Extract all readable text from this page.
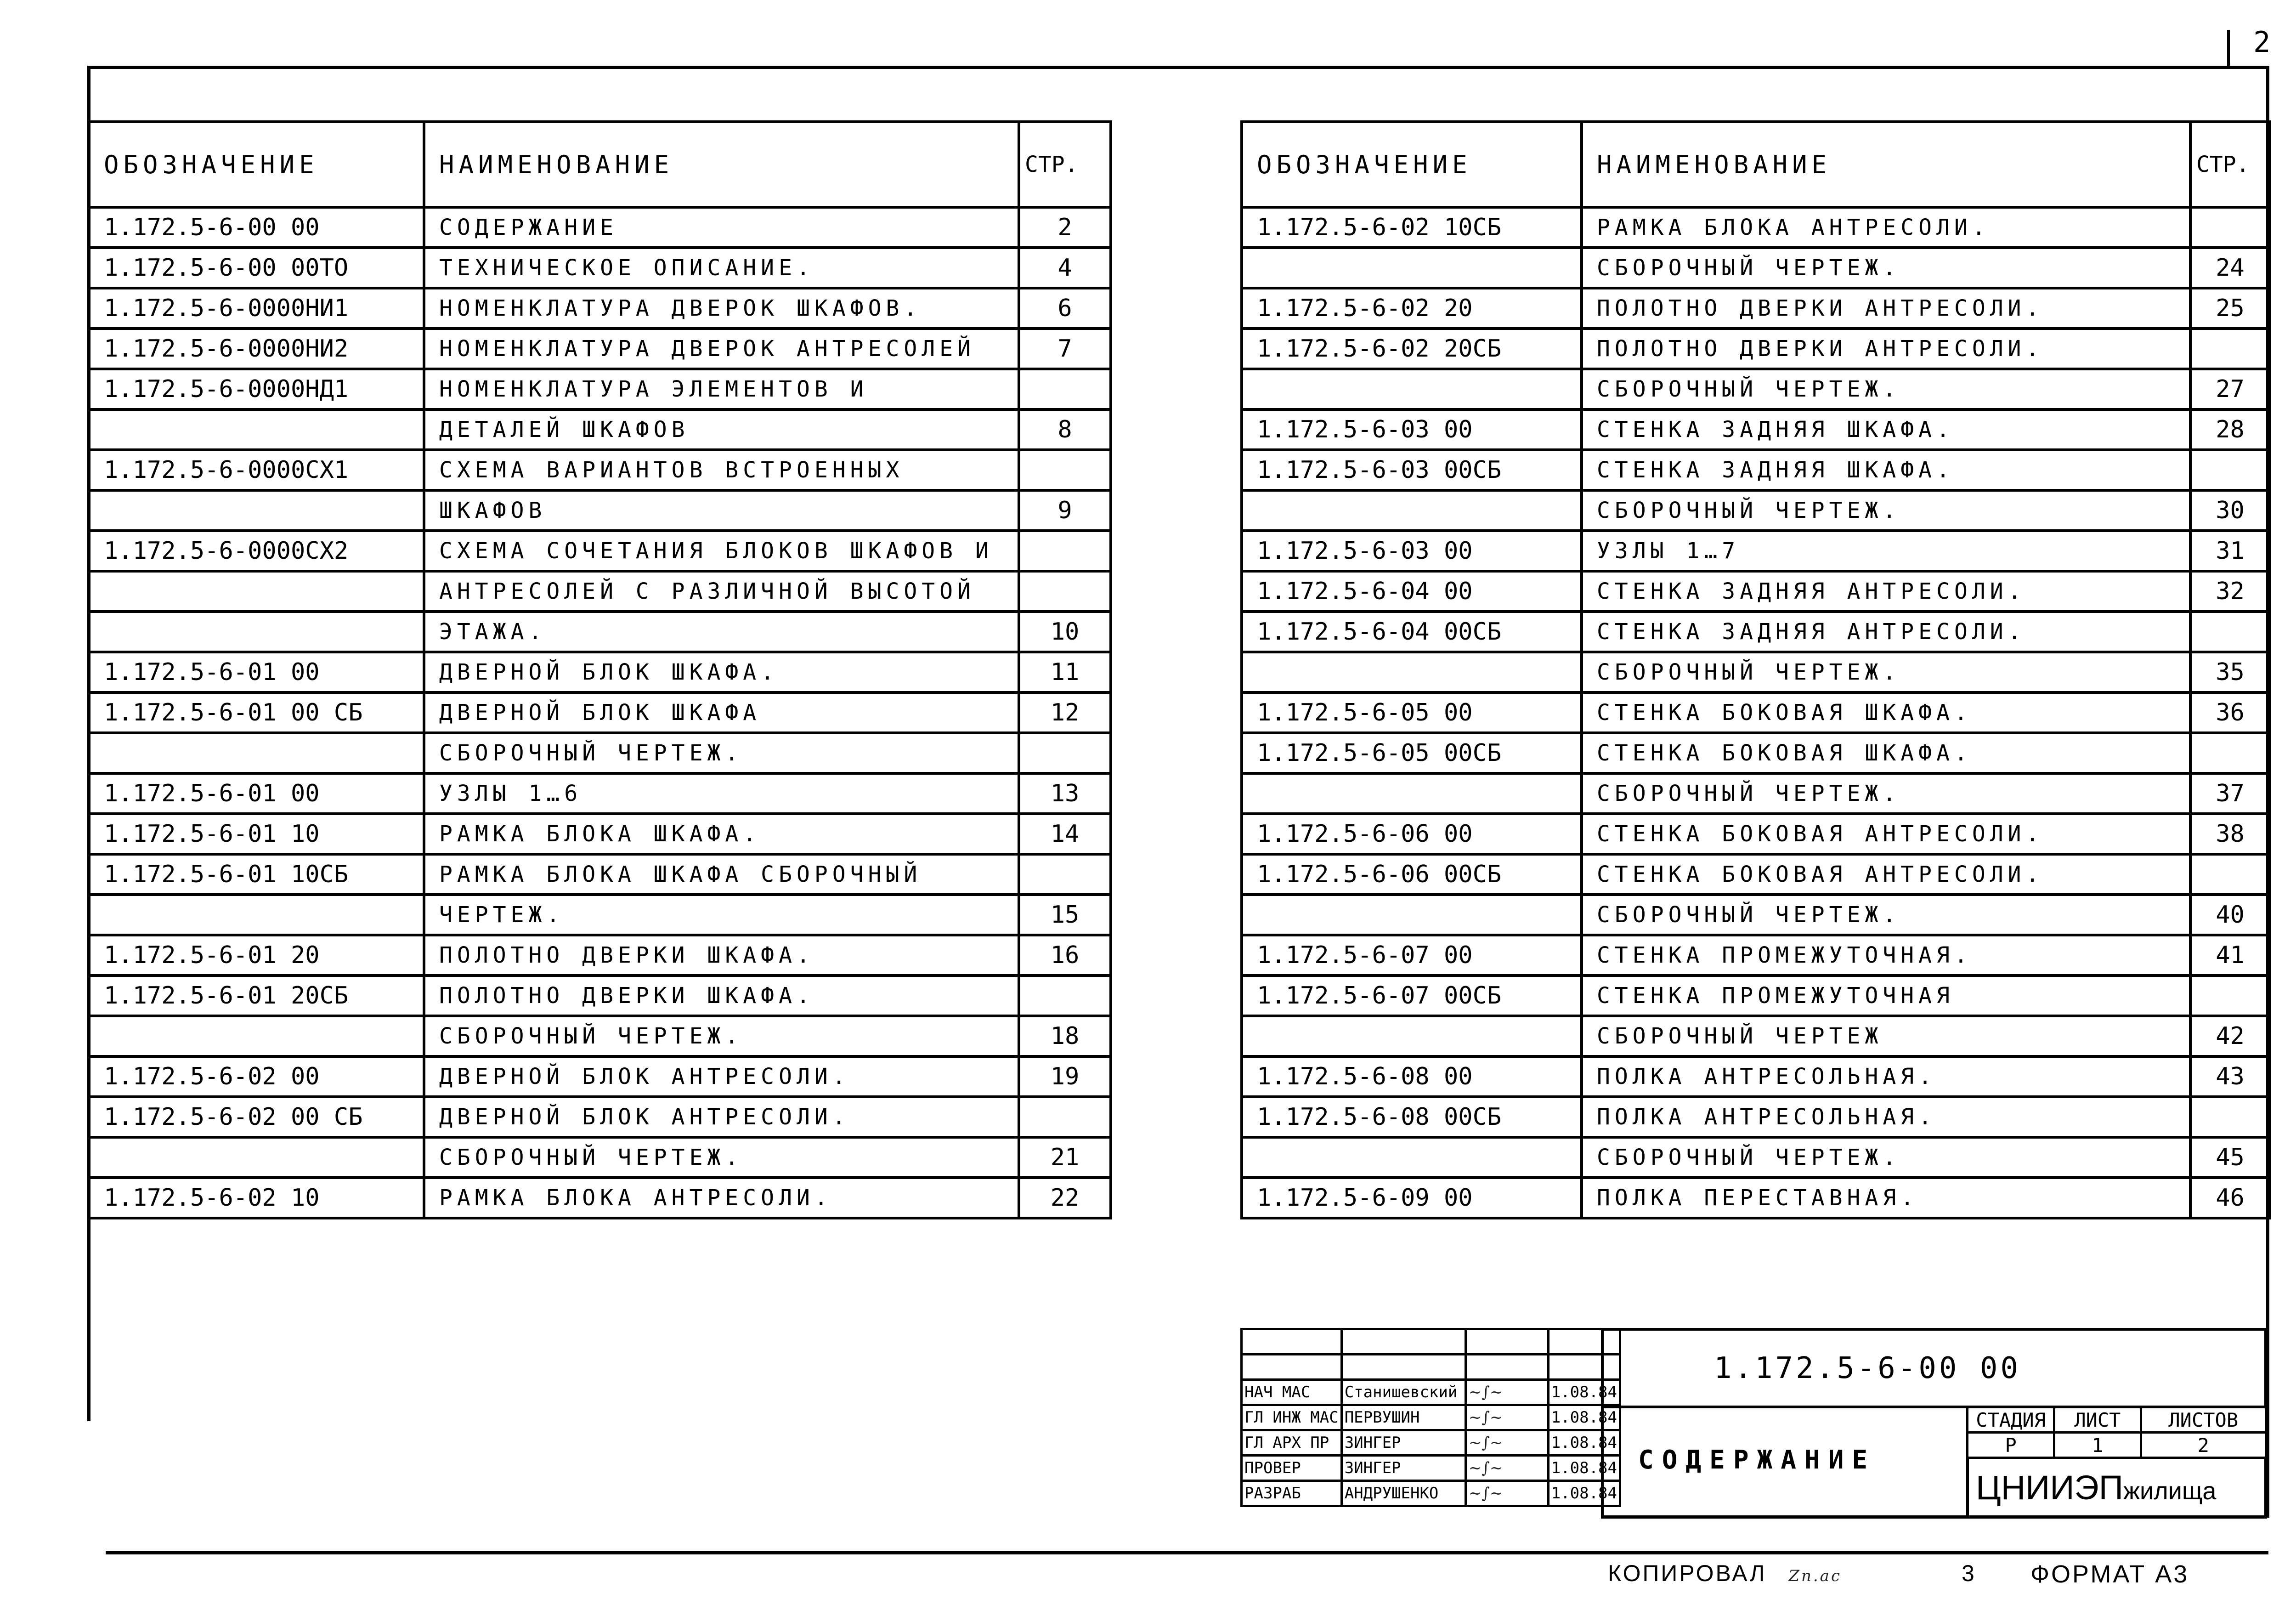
2
ОБОЗНАЧЕНИЕ	НАИМЕНОВАНИЕ	СТР.
1.172.5-6-00 00	СОДЕРЖАНИЕ	2
1.172.5-6-00 00ТО	ТЕХНИЧЕСКОЕ ОПИСАНИЕ.	4
1.172.5-6-0000НИ1	НОМЕНКЛАТУРА ДВЕРОК ШКАФОВ.	6
1.172.5-6-0000НИ2	НОМЕНКЛАТУРА ДВЕРОК АНТРЕСОЛЕЙ	7
1.172.5-6-0000НД1	НОМЕНКЛАТУРА ЭЛЕМЕНТОВ И	
	ДЕТАЛЕЙ ШКАФОВ	8
1.172.5-6-0000СХ1	СХЕМА ВАРИАНТОВ ВСТРОЕННЫХ	
	ШКАФОВ	9
1.172.5-6-0000СХ2	СХЕМА СОЧЕТАНИЯ БЛОКОВ ШКАФОВ И	
	АНТРЕСОЛЕЙ С РАЗЛИЧНОЙ ВЫСОТОЙ	
	ЭТАЖА.	10
1.172.5-6-01 00	ДВЕРНОЙ БЛОК ШКАФА.	11
1.172.5-6-01 00 СБ	ДВЕРНОЙ БЛОК ШКАФА	12
	СБОРОЧНЫЙ ЧЕРТЕЖ.	
1.172.5-6-01 00	УЗЛЫ 1…6	13
1.172.5-6-01 10	РАМКА БЛОКА ШКАФА.	14
1.172.5-6-01 10СБ	РАМКА БЛОКА ШКАФА СБОРОЧНЫЙ	
	ЧЕРТЕЖ.	15
1.172.5-6-01 20	ПОЛОТНО ДВЕРКИ ШКАФА.	16
1.172.5-6-01 20СБ	ПОЛОТНО ДВЕРКИ ШКАФА.	
	СБОРОЧНЫЙ ЧЕРТЕЖ.	18
1.172.5-6-02 00	ДВЕРНОЙ БЛОК АНТРЕСОЛИ.	19
1.172.5-6-02 00 СБ	ДВЕРНОЙ БЛОК АНТРЕСОЛИ.	
	СБОРОЧНЫЙ ЧЕРТЕЖ.	21
1.172.5-6-02 10	РАМКА БЛОКА АНТРЕСОЛИ.	22
ОБОЗНАЧЕНИЕ	НАИМЕНОВАНИЕ	СТР.
1.172.5-6-02 10СБ	РАМКА БЛОКА АНТРЕСОЛИ.	
	СБОРОЧНЫЙ ЧЕРТЕЖ.	24
1.172.5-6-02 20	ПОЛОТНО ДВЕРКИ АНТРЕСОЛИ.	25
1.172.5-6-02 20СБ	ПОЛОТНО ДВЕРКИ АНТРЕСОЛИ.	
	СБОРОЧНЫЙ ЧЕРТЕЖ.	27
1.172.5-6-03 00	СТЕНКА ЗАДНЯЯ ШКАФА.	28
1.172.5-6-03 00СБ	СТЕНКА ЗАДНЯЯ ШКАФА.	
	СБОРОЧНЫЙ ЧЕРТЕЖ.	30
1.172.5-6-03 00	УЗЛЫ 1…7	31
1.172.5-6-04 00	СТЕНКА ЗАДНЯЯ АНТРЕСОЛИ.	32
1.172.5-6-04 00СБ	СТЕНКА ЗАДНЯЯ АНТРЕСОЛИ.	
	СБОРОЧНЫЙ ЧЕРТЕЖ.	35
1.172.5-6-05 00	СТЕНКА БОКОВАЯ ШКАФА.	36
1.172.5-6-05 00СБ	СТЕНКА БОКОВАЯ ШКАФА.	
	СБОРОЧНЫЙ ЧЕРТЕЖ.	37
1.172.5-6-06 00	СТЕНКА БОКОВАЯ АНТРЕСОЛИ.	38
1.172.5-6-06 00СБ	СТЕНКА БОКОВАЯ АНТРЕСОЛИ.	
	СБОРОЧНЫЙ ЧЕРТЕЖ.	40
1.172.5-6-07 00	СТЕНКА ПРОМЕЖУТОЧНАЯ.	41
1.172.5-6-07 00СБ	СТЕНКА ПРОМЕЖУТОЧНАЯ	
	СБОРОЧНЫЙ ЧЕРТЕЖ	42
1.172.5-6-08 00	ПОЛКА АНТРЕСОЛЬНАЯ.	43
1.172.5-6-08 00СБ	ПОЛКА АНТРЕСОЛЬНАЯ.	
	СБОРОЧНЫЙ ЧЕРТЕЖ.	45
1.172.5-6-09 00	ПОЛКА ПЕРЕСТАВНАЯ.	46

НАЧ МАС	Станишевский	~∫~	1.08.84
ГЛ ИНЖ МАС	ПЕРВУШИН	~∫~	1.08.84
ГЛ АРХ ПР	ЗИНГЕР	~∫~	1.08.84
ПРОВЕР	ЗИНГЕР	~∫~	1.08.84
РАЗРАБ	АНДРУШЕНКО	~∫~	1.08.84
1.172.5-6-00 00
СОДЕРЖАНИЕ
СТАДИЯ	ЛИСТ	ЛИСТОВ
Р	1	2
ЦНИИЭПжилища
КОПИРОВАЛ Zn.ac	3 ФОРМАТ А3
